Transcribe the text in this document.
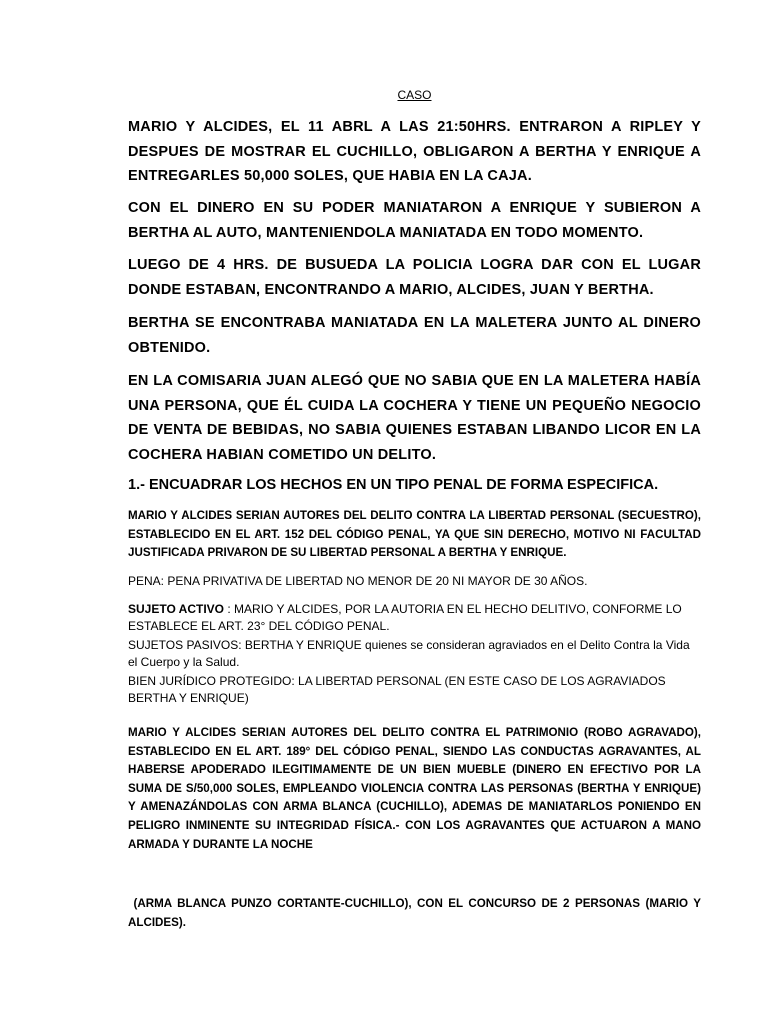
CASO

MARIO Y ALCIDES, EL 11 ABRL A LAS 21:50HRS. ENTRARON A RIPLEY Y DESPUES DE MOSTRAR EL CUCHILLO, OBLIGARON A BERTHA Y ENRIQUE A ENTREGARLES 50,000 SOLES, QUE HABIA EN LA CAJA.

CON EL DINERO EN SU PODER MANIATARON A ENRIQUE Y SUBIERON A BERTHA AL AUTO, MANTENIENDOLA MANIATADA EN TODO MOMENTO.

LUEGO DE 4 HRS. DE BUSUEDA LA POLICIA LOGRA DAR CON EL LUGAR DONDE ESTABAN, ENCONTRANDO A MARIO, ALCIDES, JUAN Y BERTHA.

BERTHA SE ENCONTRABA MANIATADA EN LA MALETERA JUNTO AL DINERO OBTENIDO.

EN LA COMISARIA JUAN ALEGÓ QUE NO SABIA QUE EN LA MALETERA HABÍA UNA PERSONA, QUE ÉL CUIDA LA COCHERA Y TIENE UN PEQUEÑO NEGOCIO DE VENTA DE BEBIDAS, NO SABIA QUIENES ESTABAN LIBANDO LICOR EN LA COCHERA HABIAN COMETIDO UN DELITO.

1.- ENCUADRAR LOS HECHOS EN UN TIPO PENAL DE FORMA ESPECIFICA.
MARIO Y ALCIDES SERIAN AUTORES DEL DELITO CONTRA LA LIBERTAD PERSONAL (SECUESTRO), ESTABLECIDO EN EL ART. 152 DEL CÓDIGO PENAL, YA QUE SIN DERECHO, MOTIVO NI FACULTAD JUSTIFICADA PRIVARON DE SU LIBERTAD PERSONAL A BERTHA Y ENRIQUE.
PENA: PENA PRIVATIVA DE LIBERTAD NO MENOR DE 20 NI MAYOR DE 30 AÑOS.
SUJETO ACTIVO : MARIO Y ALCIDES, POR LA AUTORIA EN EL HECHO DELITIVO, CONFORME LO ESTABLECE EL ART. 23° DEL CÓDIGO PENAL.
SUJETOS PASIVOS: BERTHA Y ENRIQUE quienes se consideran agraviados en el Delito Contra la Vida el Cuerpo y la Salud.
BIEN JURÍDICO PROTEGIDO: LA LIBERTAD PERSONAL (EN ESTE CASO DE LOS AGRAVIADOS BERTHA Y ENRIQUE)
MARIO Y ALCIDES SERIAN AUTORES DEL DELITO CONTRA EL PATRIMONIO (ROBO AGRAVADO), ESTABLECIDO EN EL ART. 189° DEL CÓDIGO PENAL, SIENDO LAS CONDUCTAS AGRAVANTES, AL HABERSE APODERADO ILEGITIMAMENTE DE UN BIEN MUEBLE (DINERO EN EFECTIVO POR LA SUMA DE S/50,000 SOLES, EMPLEANDO VIOLENCIA CONTRA LAS PERSONAS (BERTHA Y ENRIQUE) Y AMENAZÁNDOLAS CON ARMA BLANCA (CUCHILLO), ADEMAS DE MANIATARLOS PONIENDO EN PELIGRO INMINENTE SU INTEGRIDAD FÍSICA.- CON LOS AGRAVANTES QUE ACTUARON A MANO ARMADA Y DURANTE LA NOCHE
(ARMA BLANCA PUNZO CORTANTE-CUCHILLO), CON EL CONCURSO DE 2 PERSONAS (MARIO Y ALCIDES).
